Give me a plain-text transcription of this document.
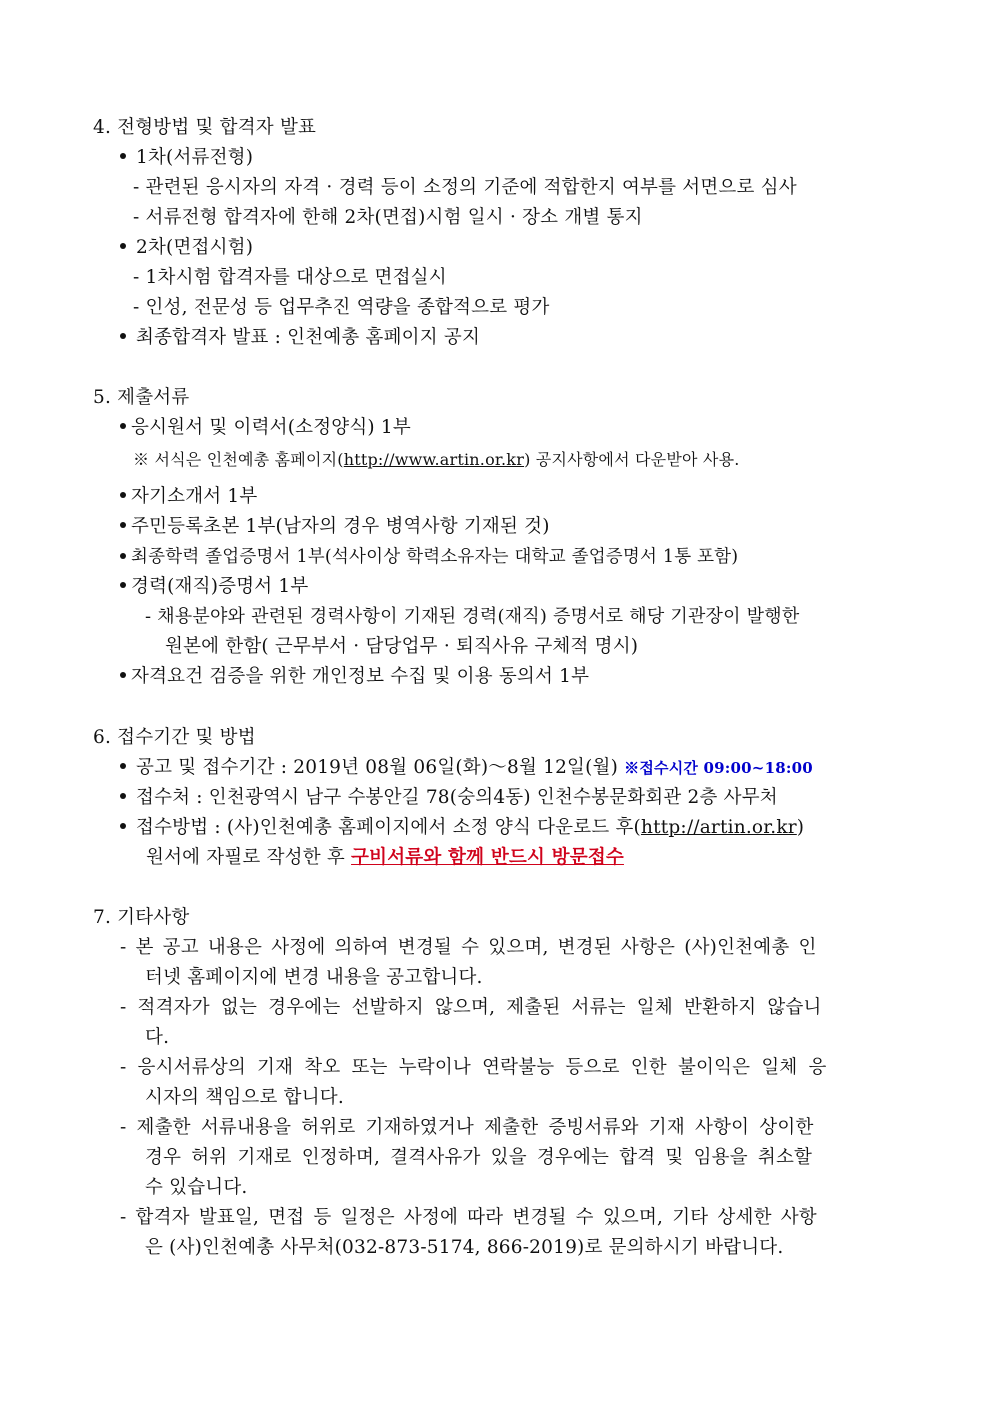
4. 전형방법 및 합격자 발표
1차(서류전형)
- 관련된 응시자의 자격 · 경력 등이 소정의 기준에 적합한지 여부를 서면으로 심사
- 서류전형 합격자에 한해 2차(면접)시험 일시 · 장소 개별 통지
2차(면접시험)
- 1차시험 합격자를 대상으로 면접실시
- 인성, 전문성 등 업무추진 역량을 종합적으로 평가
최종합격자 발표 : 인천예총 홈페이지 공지
5. 제출서류
응시원서 및 이력서(소정양식) 1부
※ 서식은 인천예총 홈페이지(http://www.artin.or.kr) 공지사항에서 다운받아 사용.
자기소개서 1부
주민등록초본 1부(남자의 경우 병역사항 기재된 것)
최종학력 졸업증명서 1부(석사이상 학력소유자는 대학교 졸업증명서 1통 포함)
경력(재직)증명서 1부
- 채용분야와 관련된 경력사항이 기재된 경력(재직) 증명서로 해당 기관장이 발행한
원본에 한함( 근무부서 · 담당업무 · 퇴직사유 구체적 명시)
자격요건 검증을 위한 개인정보 수집 및 이용 동의서 1부
6. 접수기간 및 방법
공고 및 접수기간 : 2019년 08월 06일(화)～8월 12일(월) ※접수시간 09:00~18:00
접수처 : 인천광역시 남구 수봉안길 78(숭의4동) 인천수봉문화회관 2층 사무처
접수방법 : (사)인천예총 홈페이지에서 소정 양식 다운로드 후(http://artin.or.kr)
원서에 자필로 작성한 후 구비서류와 함께 반드시 방문접수
7. 기타사항
- 본 공고 내용은 사정에 의하여 변경될 수 있으며, 변경된 사항은 (사)인천예총 인
터넷 홈페이지에 변경 내용을 공고합니다.
- 적격자가 없는 경우에는 선발하지 않으며, 제출된 서류는 일체 반환하지 않습니
다.
- 응시서류상의 기재 착오 또는 누락이나 연락불능 등으로 인한 불이익은 일체 응
시자의 책임으로 합니다.
- 제출한 서류내용을 허위로 기재하였거나 제출한 증빙서류와 기재 사항이 상이한
경우 허위 기재로 인정하며, 결격사유가 있을 경우에는 합격 및 임용을 취소할
수 있습니다.
- 합격자 발표일, 면접 등 일정은 사정에 따라 변경될 수 있으며, 기타 상세한 사항
은 (사)인천예총 사무처(032-873-5174, 866-2019)로 문의하시기 바랍니다.
